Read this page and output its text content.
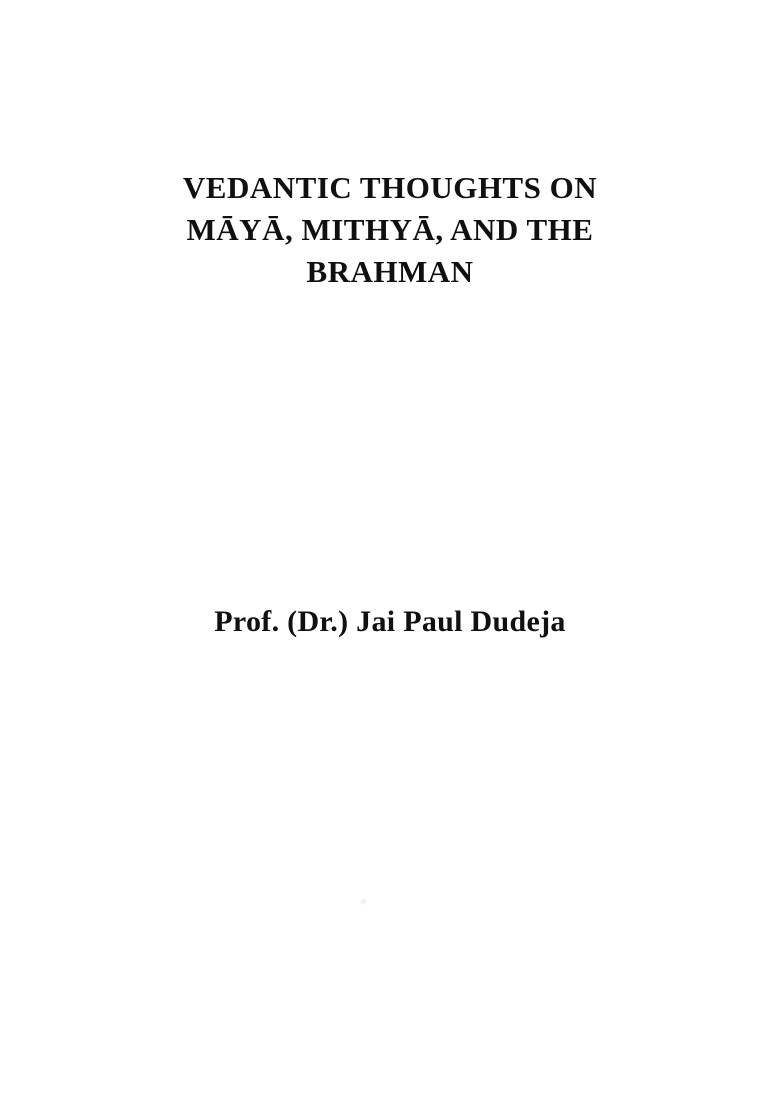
VEDANTIC THOUGHTS ON
MĀYĀ, MITHYĀ, AND THE
BRAHMAN
Prof. (Dr.) Jai Paul Dudeja
